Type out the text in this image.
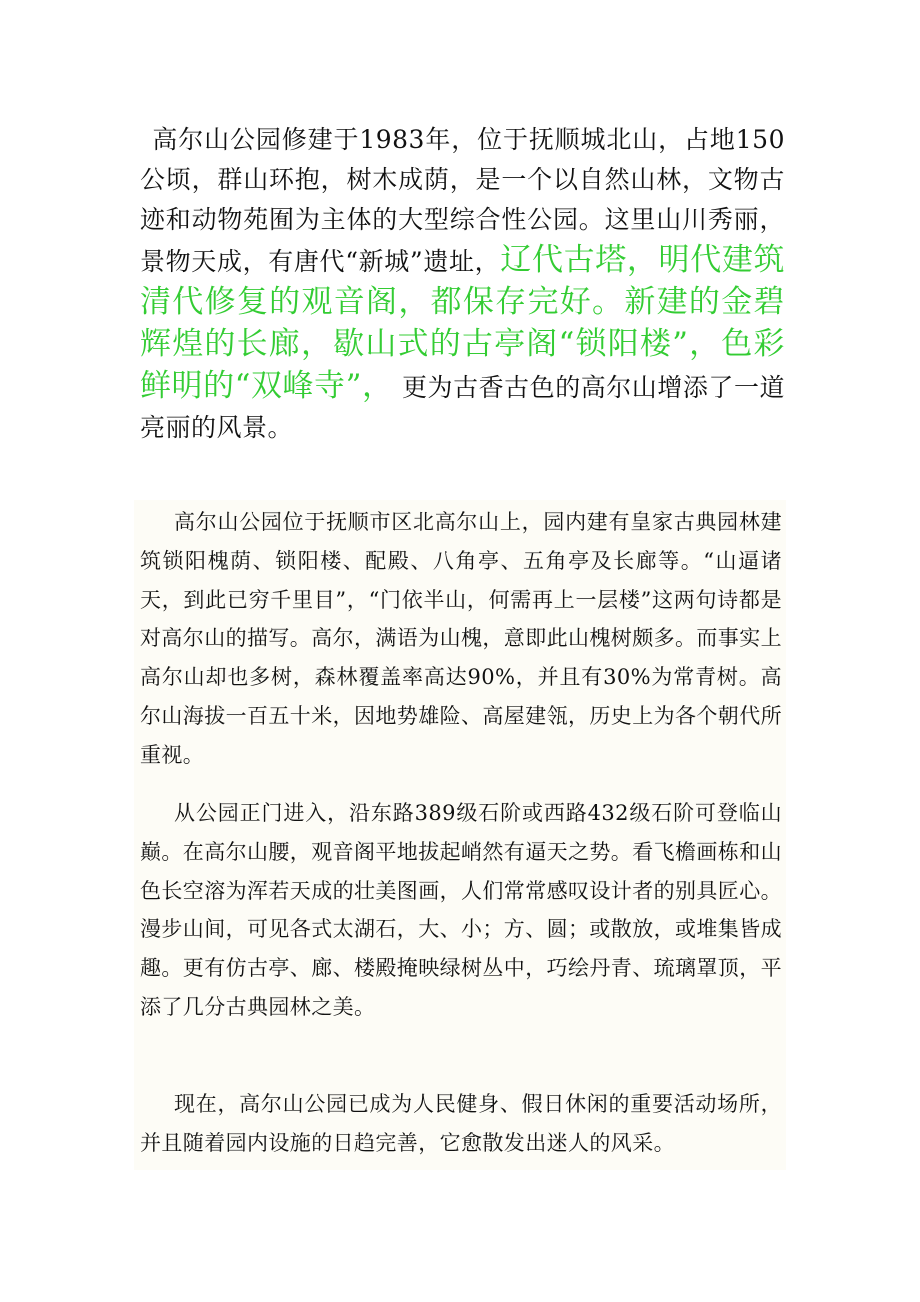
高尔山公园修建于1983年，位于抚顺城北山，占地150公顷，群山环抱，树木成荫，是一个以自然山林，文物古迹和动物苑囿为主体的大型综合性公园。这里山川秀丽，景物天成，有唐代“新城”遗址，辽代古塔，明代建筑清代修复的观音阁，都保存完好。新建的金碧辉煌的长廊，歇山式的古亭阁“锁阳楼”，色彩鲜明的“双峰寺”， 更为古香古色的高尔山增添了一道亮丽的风景。

高尔山公园位于抚顺市区北高尔山上，园内建有皇家古典园林建筑锁阳槐荫、锁阳楼、配殿、八角亭、五角亭及长廊等。“山逼诸天，到此已穷千里目”，“门依半山，何需再上一层楼”这两句诗都是对高尔山的描写。高尔，满语为山槐，意即此山槐树颇多。而事实上高尔山却也多树，森林覆盖率高达90%，并且有30%为常青树。高尔山海拔一百五十米，因地势雄险、高屋建瓴，历史上为各个朝代所重视。

从公园正门进入，沿东路389级石阶或西路432级石阶可登临山巅。在高尔山腰，观音阁平地拔起峭然有逼天之势。看飞檐画栋和山色长空溶为浑若天成的壮美图画，人们常常感叹设计者的别具匠心。漫步山间，可见各式太湖石，大、小；方、圆；或散放，或堆集皆成趣。更有仿古亭、廊、楼殿掩映绿树丛中，巧绘丹青、琉璃罩顶，平添了几分古典园林之美。

现在，高尔山公园已成为人民健身、假日休闲的重要活动场所，并且随着园内设施的日趋完善，它愈散发出迷人的风采。
